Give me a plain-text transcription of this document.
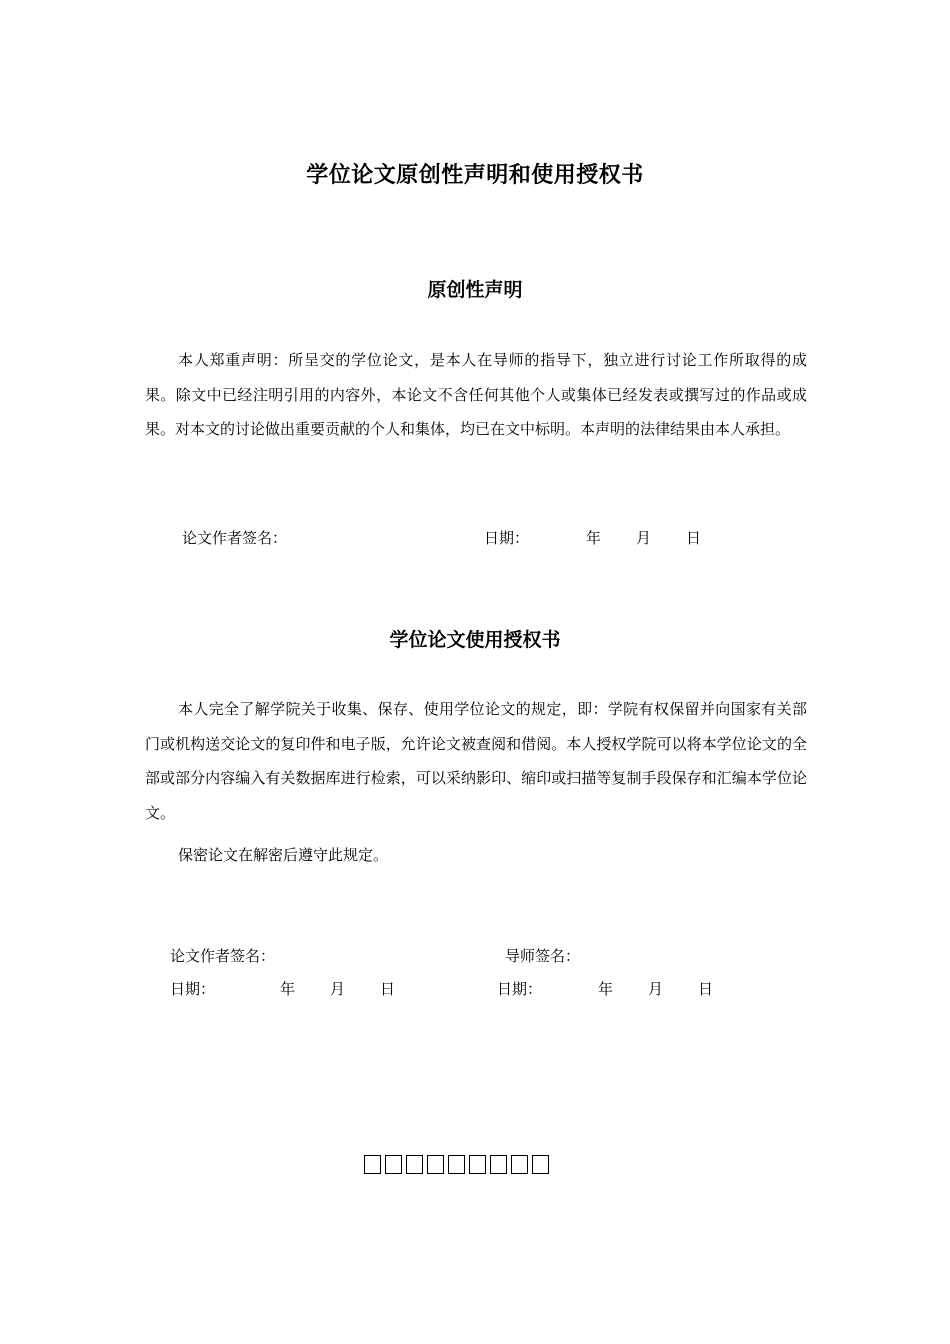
学位论文原创性声明和使用授权书
原创性声明
本人郑重声明：所呈交的学位论文，是本人在导师的指导下，独立进行讨论工作所取得的成果。除文中已经注明引用的内容外，本论文不含任何其他个人或集体已经发表或撰写过的作品或成果。对本文的讨论做出重要贡献的个人和集体，均已在文中标明。本声明的法律结果由本人承担。
论文作者签名：	日期：	年 月 日
学位论文使用授权书
本人完全了解学院关于收集、保存、使用学位论文的规定，即：学院有权保留并向国家有关部门或机构送交论文的复印件和电子版，允许论文被查阅和借阅。本人授权学院可以将本学位论文的全部或部分内容编入有关数据库进行检索，可以采纳影印、缩印或扫描等复制手段保存和汇编本学位论文。
保密论文在解密后遵守此规定。
论文作者签名：	导师签名：
日期：	年 月 日	日期：	年 月 日
